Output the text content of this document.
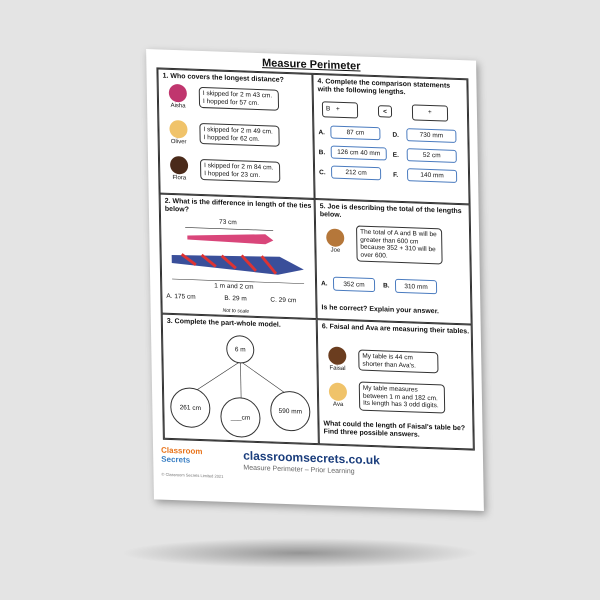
Measure Perimeter
1. Who covers the longest distance?
Aisha
I skipped for 2 m 43 cm. I hopped for 57 cm.
Oliver
I skipped for 2 m 49 cm. I hopped for 62 cm.
Flora
I skipped for 2 m 84 cm. I hopped for 23 cm.
4. Complete the comparison statements with the following lengths.
B +	<	+
A.	87 cm	D.	730 mm
B.	126 cm 40 mm	E.	52 cm
C.	212 cm	F.	140 mm
2. What is the difference in length of the ties below?
73 cm
1 m and 2 cm
A. 175 cm	B. 29 m	C. 29 cm
Not to scale
5. Joe is describing the total of the lengths below.
Joe
The total of A and B will be greater than 600 cm because 352 + 310 will be over 600.
A.	352 cm	B.	310 mm
Is he correct? Explain your answer.
3. Complete the part-whole model.
6 m
261 cm
___cm
590 mm
6. Faisal and Ava are measuring their tables.
Faisal
My table is 44 cm shorter than Ava's.
Ava
My table measures between 1 m and 182 cm. Its length has 3 odd digits.
What could the length of Faisal's table be? Find three possible answers.
Classroom
Secrets
© Classroom Secrets Limited 2021
classroomsecrets.co.uk
Measure Perimeter – Prior Learning
